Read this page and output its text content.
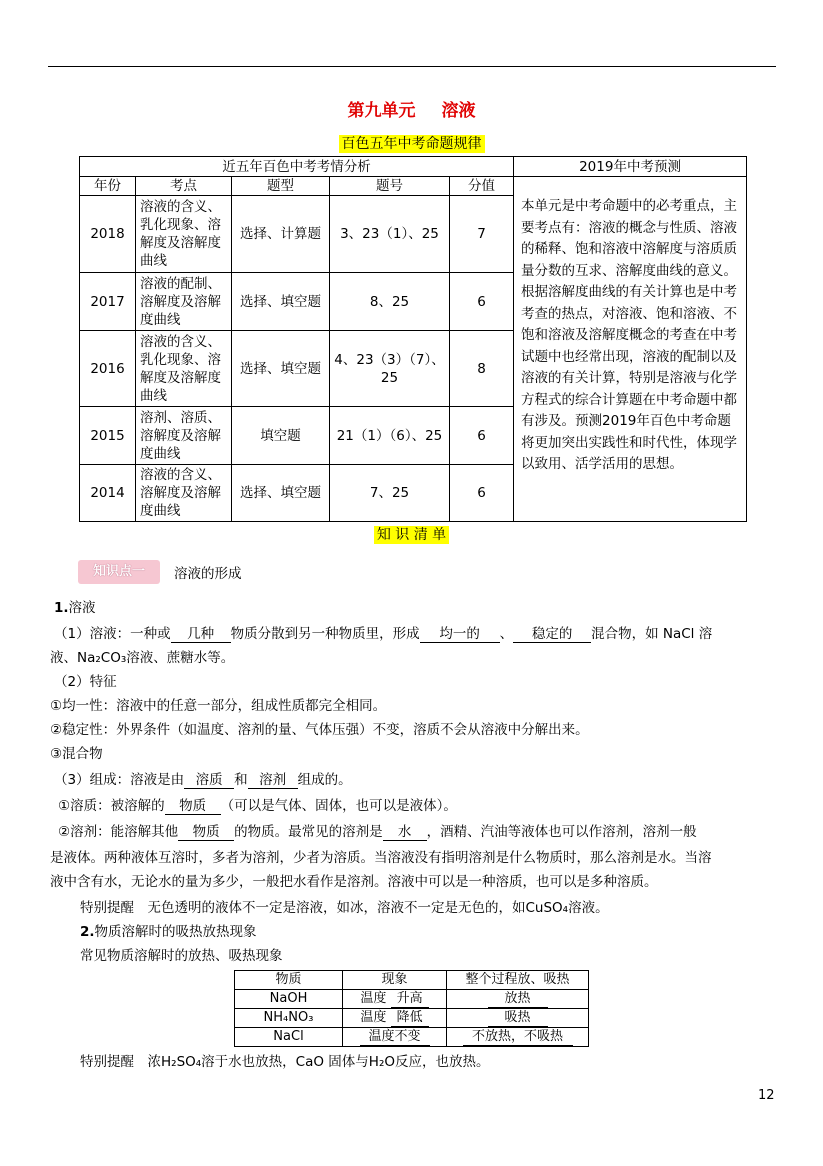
第九单元 溶液
百色五年中考命题规律
近五年百色中考考情分析					2019年中考预测
年份	考点	题型	题号	分值	本单元是中考命题中的必考重点，主要考点有：溶液的概念与性质、溶液的稀释、饱和溶液中溶解度与溶质质量分数的互求、溶解度曲线的意义。根据溶解度曲线的有关计算也是中考考查的热点，对溶液、饱和溶液、不饱和溶液及溶解度概念的考查在中考试题中也经常出现，溶液的配制以及溶液的有关计算，特别是溶液与化学方程式的综合计算题在中考命题中都有涉及。预测2019年百色中考命题将更加突出实践性和时代性，体现学以致用、活学活用的思想。
2018	溶液的含义、乳化现象、溶解度及溶解度曲线	选择、计算题	3、23（1）、25	7	
2017	溶液的配制、溶解度及溶解度曲线	选择、填空题	8、25	6	
2016	溶液的含义、乳化现象、溶解度及溶解度曲线	选择、填空题	4、23（3）（7）、25	8	
2015	溶剂、溶质、溶解度及溶解度曲线	填空题	21（1）（6）、25	6	
2014	溶液的含义、溶解度及溶解度曲线	选择、填空题	7、25	6	
知 识 清 单
知识点一	溶液的形成
1.溶液
（1）溶液：一种或 几种 物质分散到另一种物质里，形成 均一的 、 稳定的 混合物，如 NaCl 溶
液、Na₂CO₃溶液、蔗糖水等。
（2）特征
①均一性：溶液中的任意一部分，组成性质都完全相同。
②稳定性：外界条件（如温度、溶剂的量、气体压强）不变，溶质不会从溶液中分解出来。
③混合物
（3）组成：溶液是由 溶质 和 溶剂 组成的。
①溶质：被溶解的 物质 （可以是气体、固体，也可以是液体）。
②溶剂：能溶解其他 物质 的物质。最常见的溶剂是 水 ，酒精、汽油等液体也可以作溶剂，溶剂一般
是液体。两种液体互溶时，多者为溶剂，少者为溶质。当溶液没有指明溶剂是什么物质时，那么溶剂是水。当溶
液中含有水，无论水的量为多少，一般把水看作是溶剂。溶液中可以是一种溶质，也可以是多种溶质。
特别提醒　无色透明的液体不一定是溶液，如冰，溶液不一定是无色的，如CuSO₄溶液。
2.物质溶解时的吸热放热现象
常见物质溶解时的放热、吸热现象
物质	现象	整个过程放、吸热
NaOH	温度 升高	放热
NH₄NO₃	温度 降低	吸热
NaCl	温度不变	不放热，不吸热
特别提醒　浓H₂SO₄溶于水也放热，CaO 固体与H₂O反应，也放热。
12
